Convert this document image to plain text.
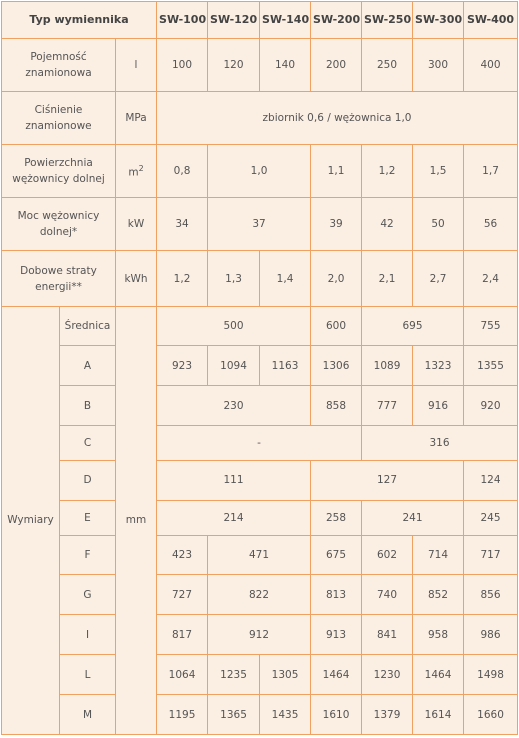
Typ wymiennika			SW-100	SW-120	SW-140	SW-200	SW-250	SW-300	SW-400
Pojemność znamionowa		l	100	120	140	200	250	300	400
Ciśnienie znamionowe		MPa	zbiornik 0,6 / wężownica 1,0						
Powierzchnia wężownicy dolnej		$m^2$	0,8	1,0		1,1	1,2	1,5	1,7
Moc wężownicy dolnej*		kW	34	37		39	42	50	56
Dobowe straty energii**		kWh	1,2	1,3	1,4	2,0	2,1	2,7	2,4
Wymiary	Średnica	mm	500			600	695		755
	A		923	1094	1163	1306	1089	1323	1355
	B		230			858	777	916	920
	C		-				316		
	D		111			127			124
	E		214			258	241		245
	F		423	471		675	602	714	717
	G		727	822		813	740	852	856
	I		817	912		913	841	958	986
	L		1064	1235	1305	1464	1230	1464	1498
	M		1195	1365	1435	1610	1379	1614	1660
